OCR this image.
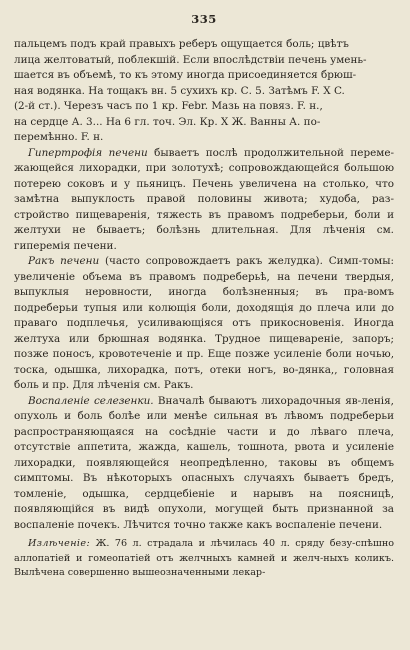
335

пальцемъ подъ край правыхъ реберъ ощущается боль; цвѣтъ

лица желтоватый, поблекшій. Если впослѣдствіи печень умень-

шается въ объемѣ, то къ этому иногда присоединяется брюш-

ная водянка. На тощакъ вн. 5 сухихъ кр. С. 5. Затѣмъ F. X C.

(2-й ст.). Черезъ часъ по 1 кр. Febr. Мазь на повяз. F. н.,

на сердце А. 3... На 6 гл. точ. Эл. Кр. X Ж. Ванны А. по-

перемѣнно. F. н.

Гипертрофія печени бываетъ послѣ продолжительной переме-жающейся лихорадки, при золотухѣ; сопровождающейся большою потерею соковъ и у пьяницъ. Печень увеличена на столько, что замѣтна выпуклость правой половины живота; худоба, раз-стройство пищеваренія, тяжесть въ правомъ подреберьи, боли и желтухи не бываетъ; болѣзнь длительная. Для лѣченія см. гипеpемія печени.
Ракъ печени (часто сопровождаетъ ракъ желудка). Симп-томы: увеличеніе объема въ правомъ подреберьѣ, на печени твердыя, выпуклыя неровности, иногда болѣзненныя; въ пра-вомъ подреберьи тупыя или колющія боли, доходящія до плеча или до праваго подплечья, усиливающіяся отъ прикосновенія. Иногда желтуха или брюшная водянка. Трудное пищевареніе, запоръ; позже поносъ, кровотеченіе и пр. Еще позже усиленіе боли ночью, тоска, одышка, лихорадка, потъ, отеки ногъ, во-дянка,, головная боль и пр. Для лѣченія см. Ракъ.
Воспаленіе селезенки. Вначалѣ бываютъ лихорадочныя яв-ленія, опухоль и боль болѣе или менѣе сильная въ лѣвомъ подреберьи распространяющаяся на сосѣдніе части и до лѣваго плеча, отсутствіе аппетита, жажда, кашель, тошнота, рвота и усиленіе лихорадки, появляющейся неопредѣленно, таковы въ общемъ симптомы. Въ нѣкоторыхъ опасныхъ случаяхъ бываетъ бредъ, томленіе, одышка, сердцебіеніе и нарывъ на поясницѣ, появляющійся въ видѣ опухоли, могущей быть признанной за воспаленіе почекъ. Лѣчится точно также какъ воспаленіе печени.
Излѣченіе: Ж. 76 л. страдала и лѣчилась 40 л. сряду безу-спѣшно аллопатіей и гомеопатіей отъ желчныхъ камней и желч-ныхъ коликъ. Вылѣчена совершенно вышеозначенными лекар-
